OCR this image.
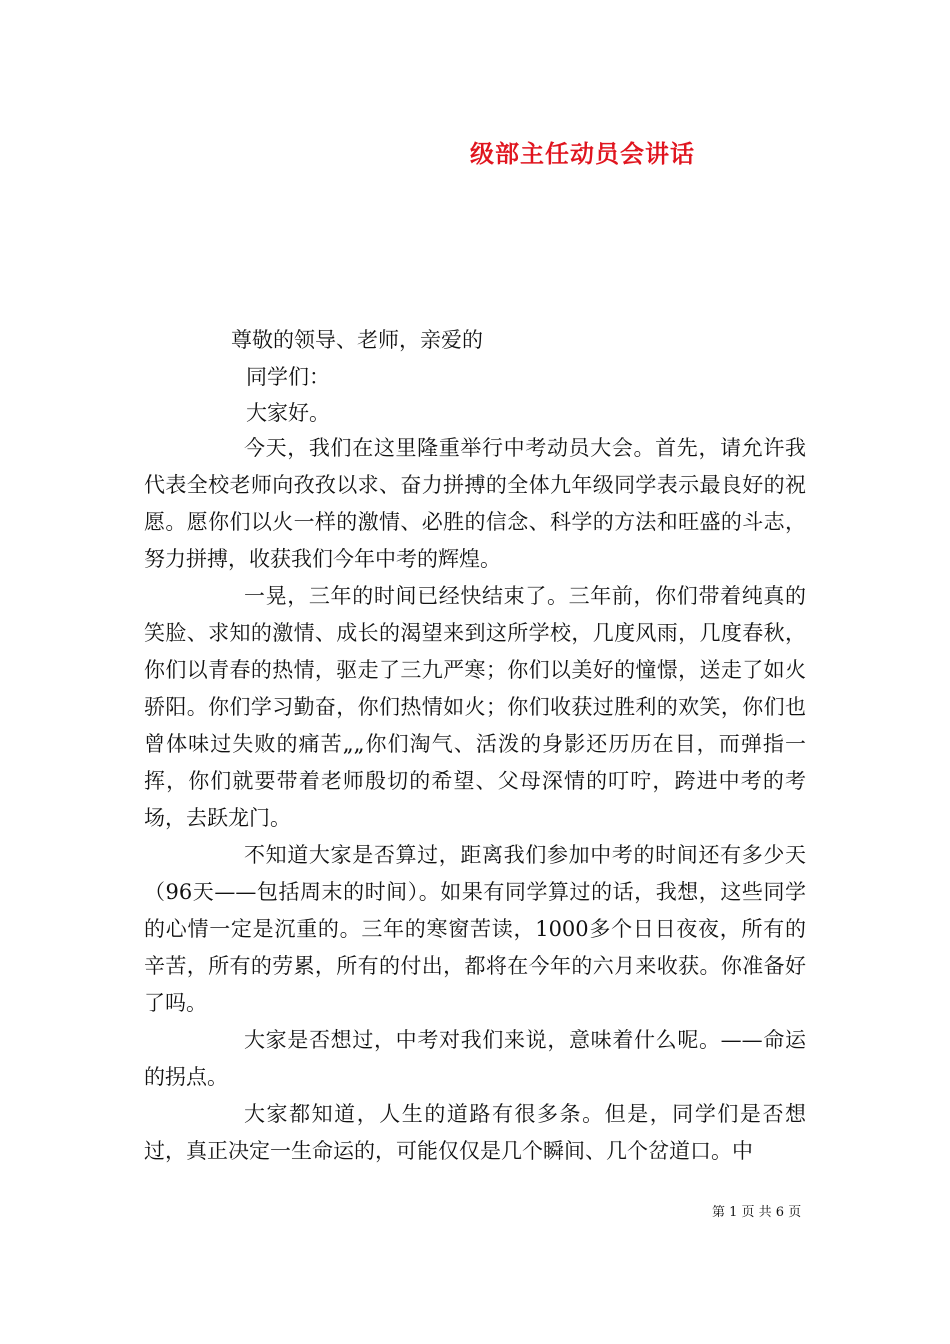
级部主任动员会讲话
尊敬的领导、老师，亲爱的
同学们：
大家好。

今天，我们在这里隆重举行中考动员大会。首先，请允许我代表全校老师向孜孜以求、奋力拼搏的全体九年级同学表示最良好的祝愿。愿你们以火一样的激情、必胜的信念、科学的方法和旺盛的斗志，努力拼搏，收获我们今年中考的辉煌。

一晃，三年的时间已经快结束了。三年前，你们带着纯真的笑脸、求知的激情、成长的渴望来到这所学校，几度风雨，几度春秋，你们以青春的热情，驱走了三九严寒；你们以美好的憧憬，送走了如火骄阳。你们学习勤奋，你们热情如火；你们收获过胜利的欢笑，你们也曾体味过失败的痛苦„„你们淘气、活泼的身影还历历在目，而弹指一挥，你们就要带着老师殷切的希望、父母深情的叮咛，跨进中考的考场，去跃龙门。

不知道大家是否算过，距离我们参加中考的时间还有多少天（96天——包括周末的时间）。如果有同学算过的话，我想，这些同学的心情一定是沉重的。三年的寒窗苦读，1000多个日日夜夜，所有的辛苦，所有的劳累，所有的付出，都将在今年的六月来收获。你准备好了吗。

大家是否想过，中考对我们来说，意味着什么呢。——命运的拐点。

大家都知道，人生的道路有很多条。但是，同学们是否想过，真正决定一生命运的，可能仅仅是几个瞬间、几个岔道口。中

第 1 页 共 6 页
